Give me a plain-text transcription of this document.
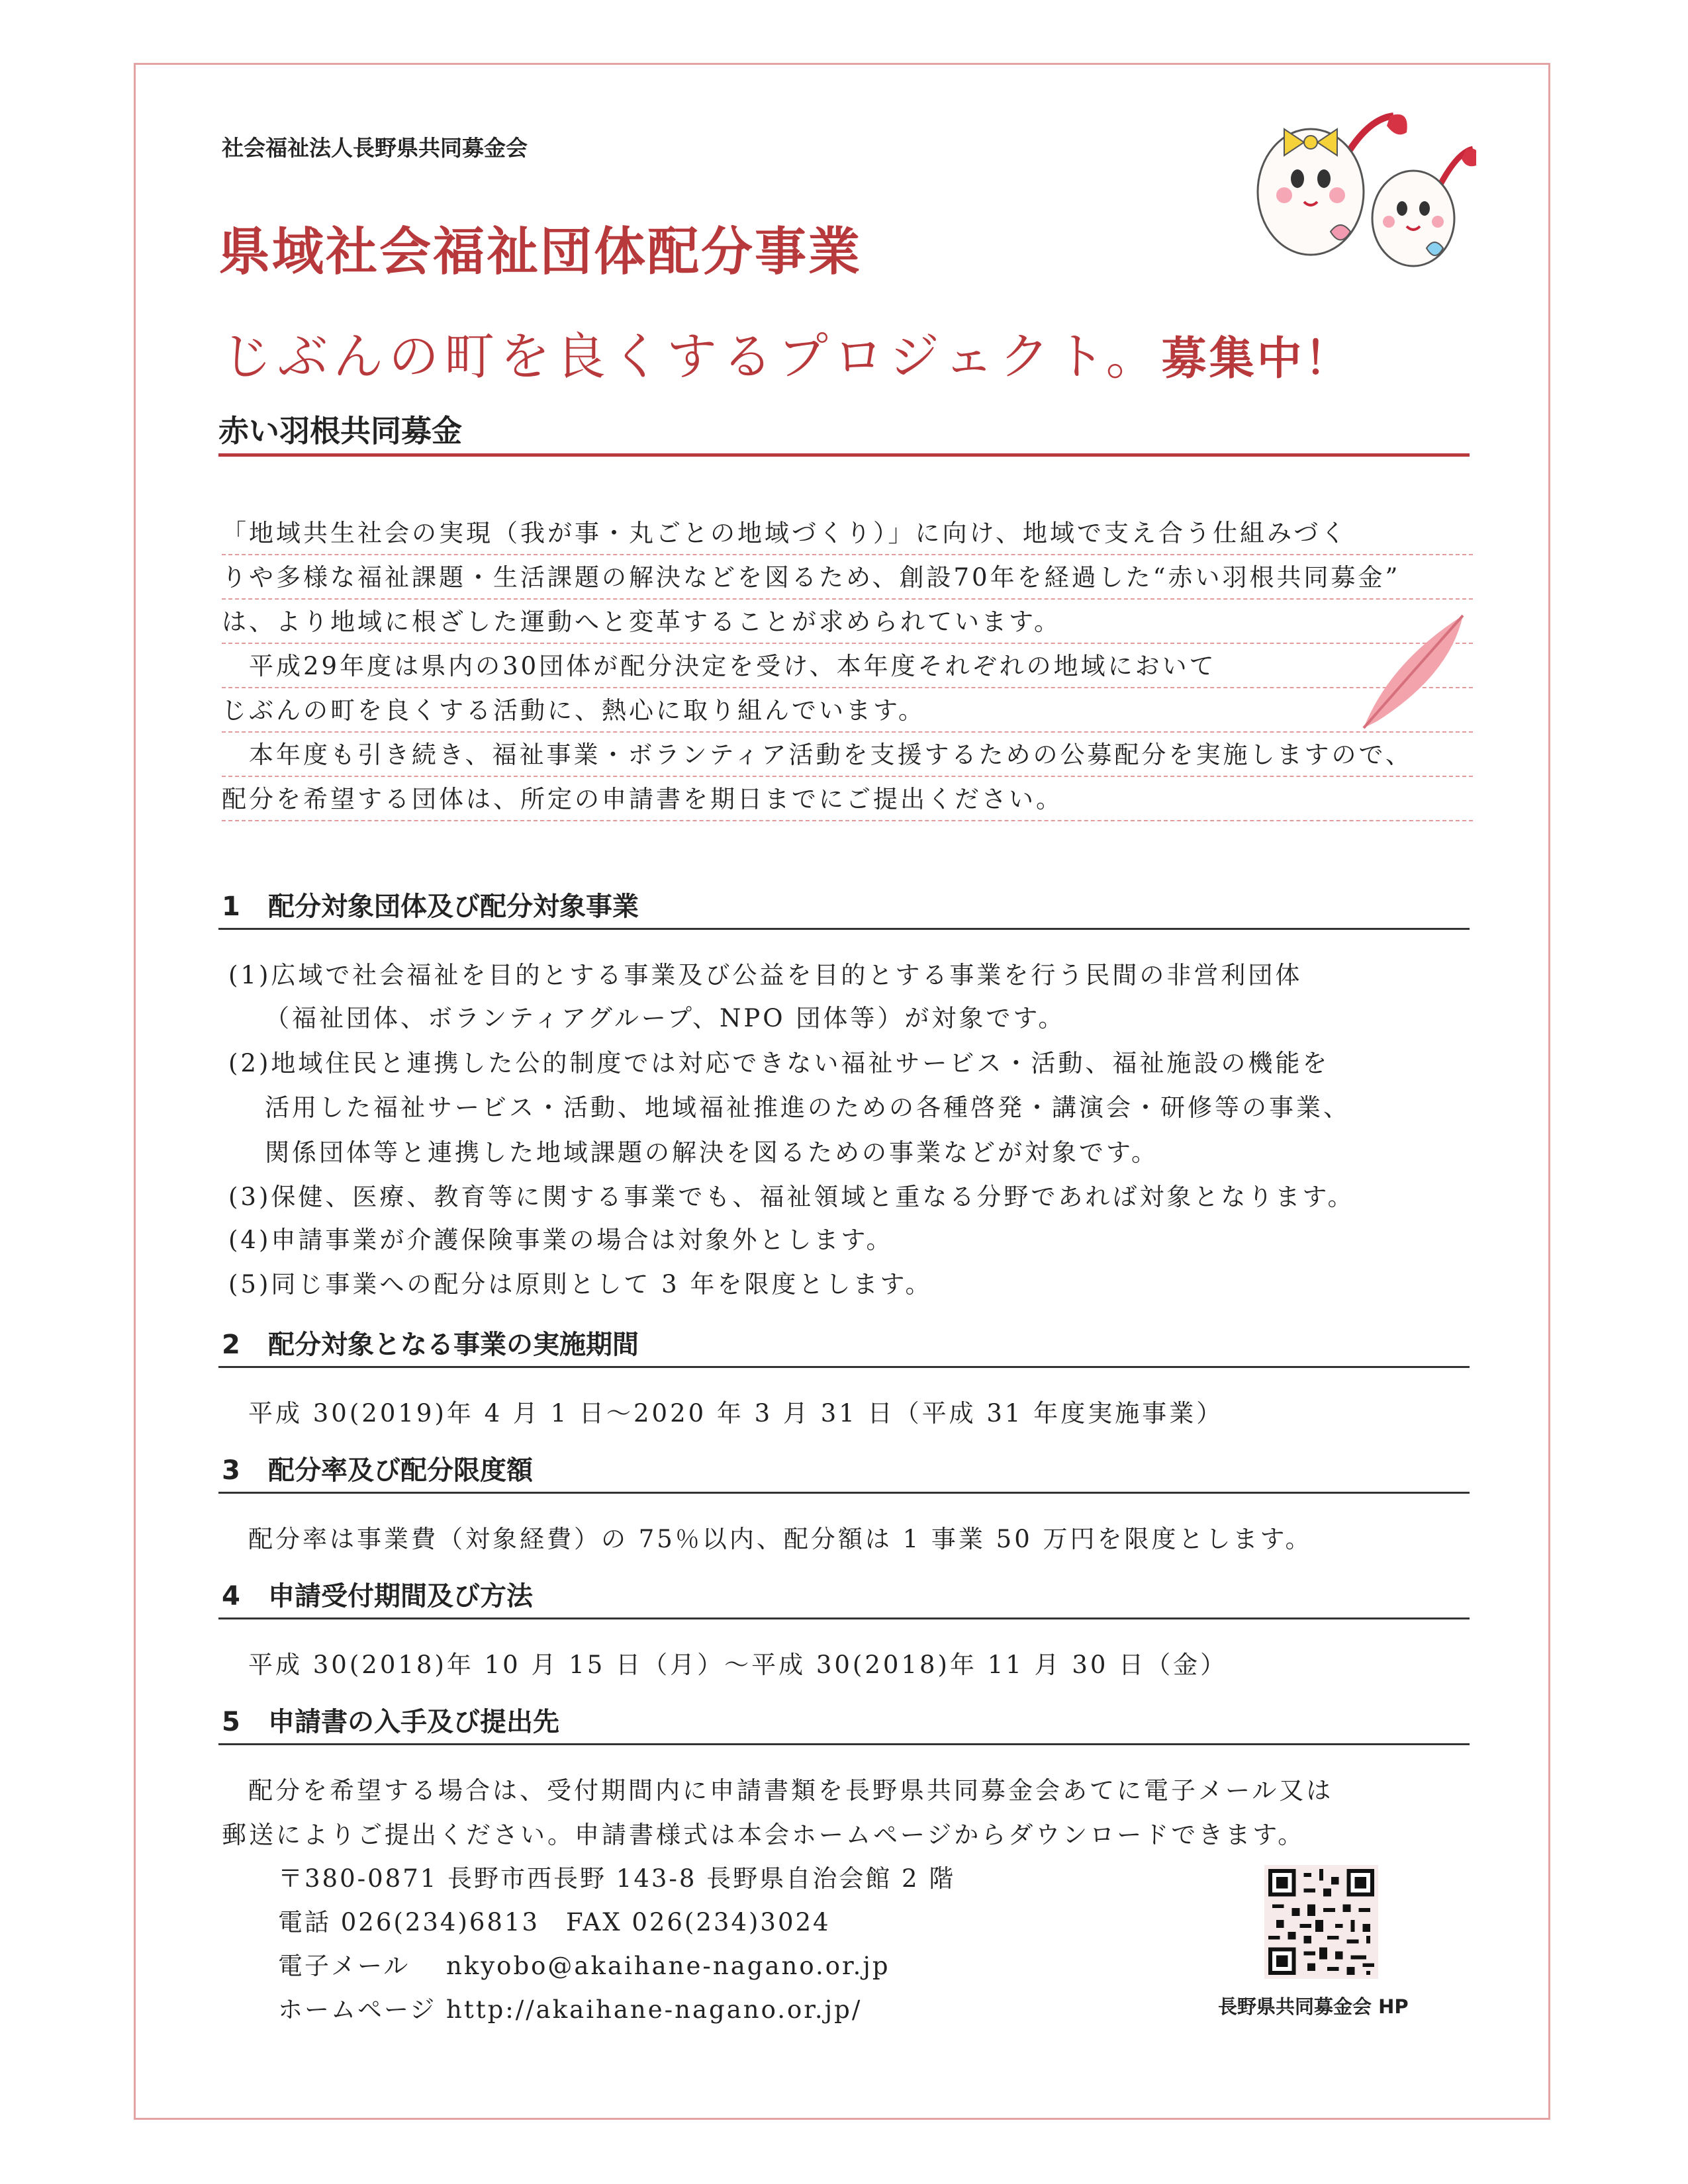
社会福祉法人長野県共同募金会
県域社会福祉団体配分事業
じぶんの町を良くするプロジェクト。募集中！
赤い羽根共同募金
「地域共生社会の実現（我が事・丸ごとの地域づくり）」に向け、地域で支え合う仕組みづく
りや多様な福祉課題・生活課題の解決などを図るため、創設70年を経過した“赤い羽根共同募金”
は、より地域に根ざした運動へと変革することが求められています。
　平成29年度は県内の30団体が配分決定を受け、本年度それぞれの地域において
じぶんの町を良くする活動に、熱心に取り組んでいます。
　本年度も引き続き、福祉事業・ボランティア活動を支援するための公募配分を実施しますので、
配分を希望する団体は、所定の申請書を期日までにご提出ください。
1 配分対象団体及び配分対象事業
(1)広域で社会福祉を目的とする事業及び公益を目的とする事業を行う民間の非営利団体
（福祉団体、ボランティアグループ、NPO 団体等）が対象です。
(2)地域住民と連携した公的制度では対応できない福祉サービス・活動、福祉施設の機能を
活用した福祉サービス・活動、地域福祉推進のための各種啓発・講演会・研修等の事業、
関係団体等と連携した地域課題の解決を図るための事業などが対象です。
(3)保健、医療、教育等に関する事業でも、福祉領域と重なる分野であれば対象となります。
(4)申請事業が介護保険事業の場合は対象外とします。
(5)同じ事業への配分は原則として 3 年を限度とします。
2 配分対象となる事業の実施期間
平成 30(2019)年 4 月 1 日～2020 年 3 月 31 日（平成 31 年度実施事業）
3 配分率及び配分限度額
配分率は事業費（対象経費）の 75％以内、配分額は 1 事業 50 万円を限度とします。
4 申請受付期間及び方法
平成 30(2018)年 10 月 15 日（月）～平成 30(2018)年 11 月 30 日（金）
5 申請書の入手及び提出先
配分を希望する場合は、受付期間内に申請書類を長野県共同募金会あてに電子メール又は
郵送によりご提出ください。申請書様式は本会ホームページからダウンロードできます。
〒380-0871 長野市西長野 143-8 長野県自治会館 2 階
電話 026(234)6813　FAX 026(234)3024
電子メール　 nkyobo@akaihane-nagano.or.jp
ホームページ http://akaihane-nagano.or.jp/	長野県共同募金会 HP
